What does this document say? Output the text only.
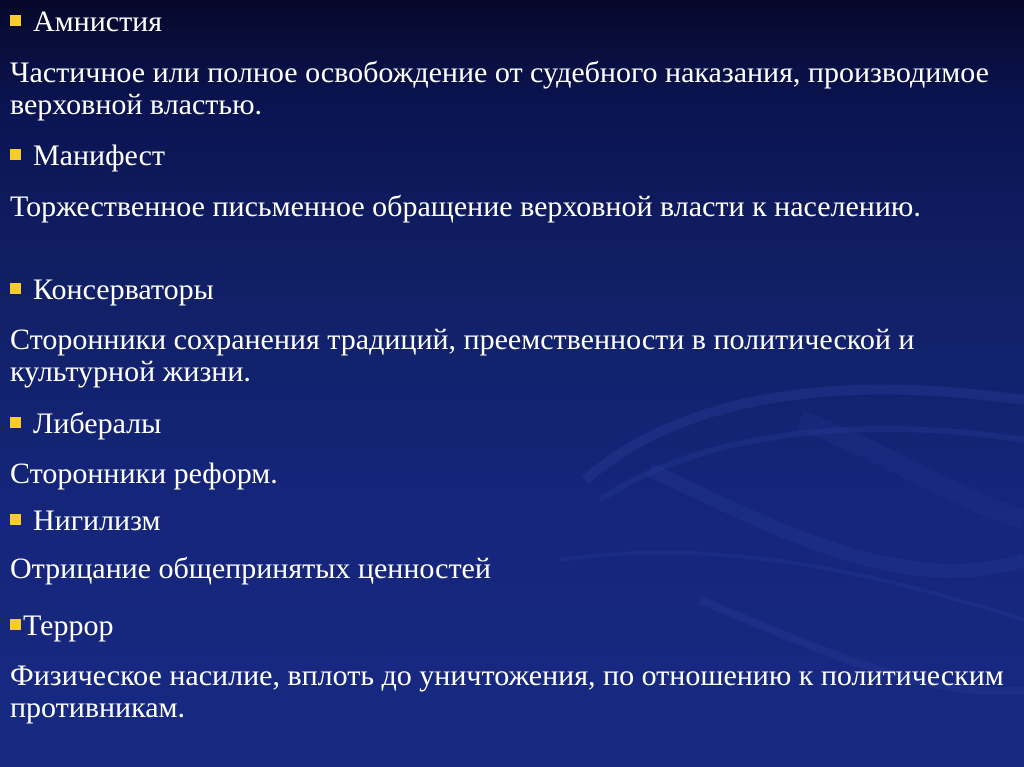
Амнистия
Частичное или полное освобождение от судебного наказания, производимое верховной властью.
Манифест
Торжественное письменное обращение верховной власти к населению.
Консерваторы
Сторонники сохранения традиций, преемственности в политической и культурной жизни.
Либералы
Сторонники реформ.
Нигилизм
Отрицание общепринятых ценностей
Террор
Физическое насилие, вплоть до уничтожения, по отношению к политическим противникам.
